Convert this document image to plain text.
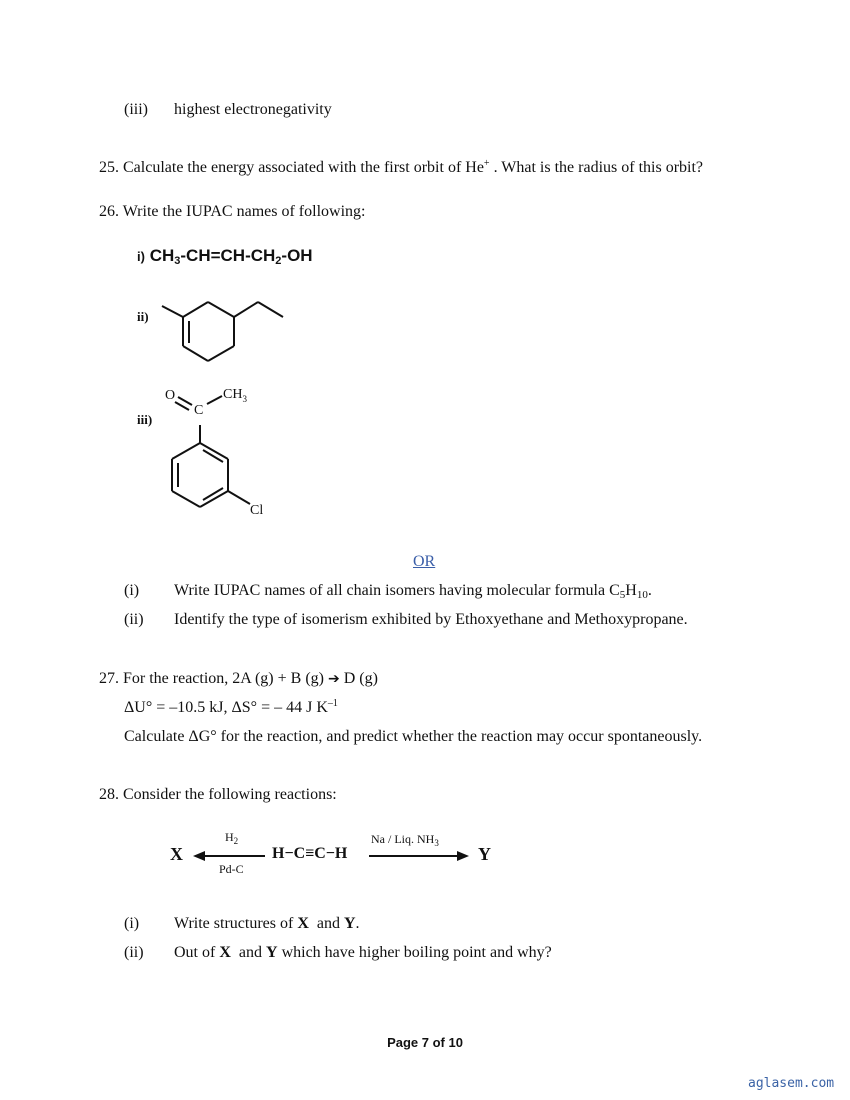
(iii) highest electronegativity
25. Calculate the energy associated with the first orbit of He+ . What is the radius of this orbit?
26. Write the IUPAC names of following:
i) $CH_3-CH=CH-CH_2-OH$
ii)
iii)
O
C
$CH_3$
Cl
OR
(i) Write IUPAC names of all chain isomers having molecular formula $C_5H_{10}$.
(ii) Identify the type of isomerism exhibited by Ethoxyethane and Methoxypropane.
27. For the reaction, 2A (g) + B (g) ➔ D (g)
ΔU° = –10.5 kJ, ΔS° = – 44 J $K^{-1}$
Calculate ΔG° for the reaction, and predict whether the reaction may occur spontaneously.
28. Consider the following reactions:
X
$H_2$
Pd-C
H−C≡C−H
Na / Liq. $NH_3$
Y
(i) Write structures of X  and Y.
(ii) Out of X  and Y which have higher boiling point and why?
Page 7 of 10
aglasem.com
